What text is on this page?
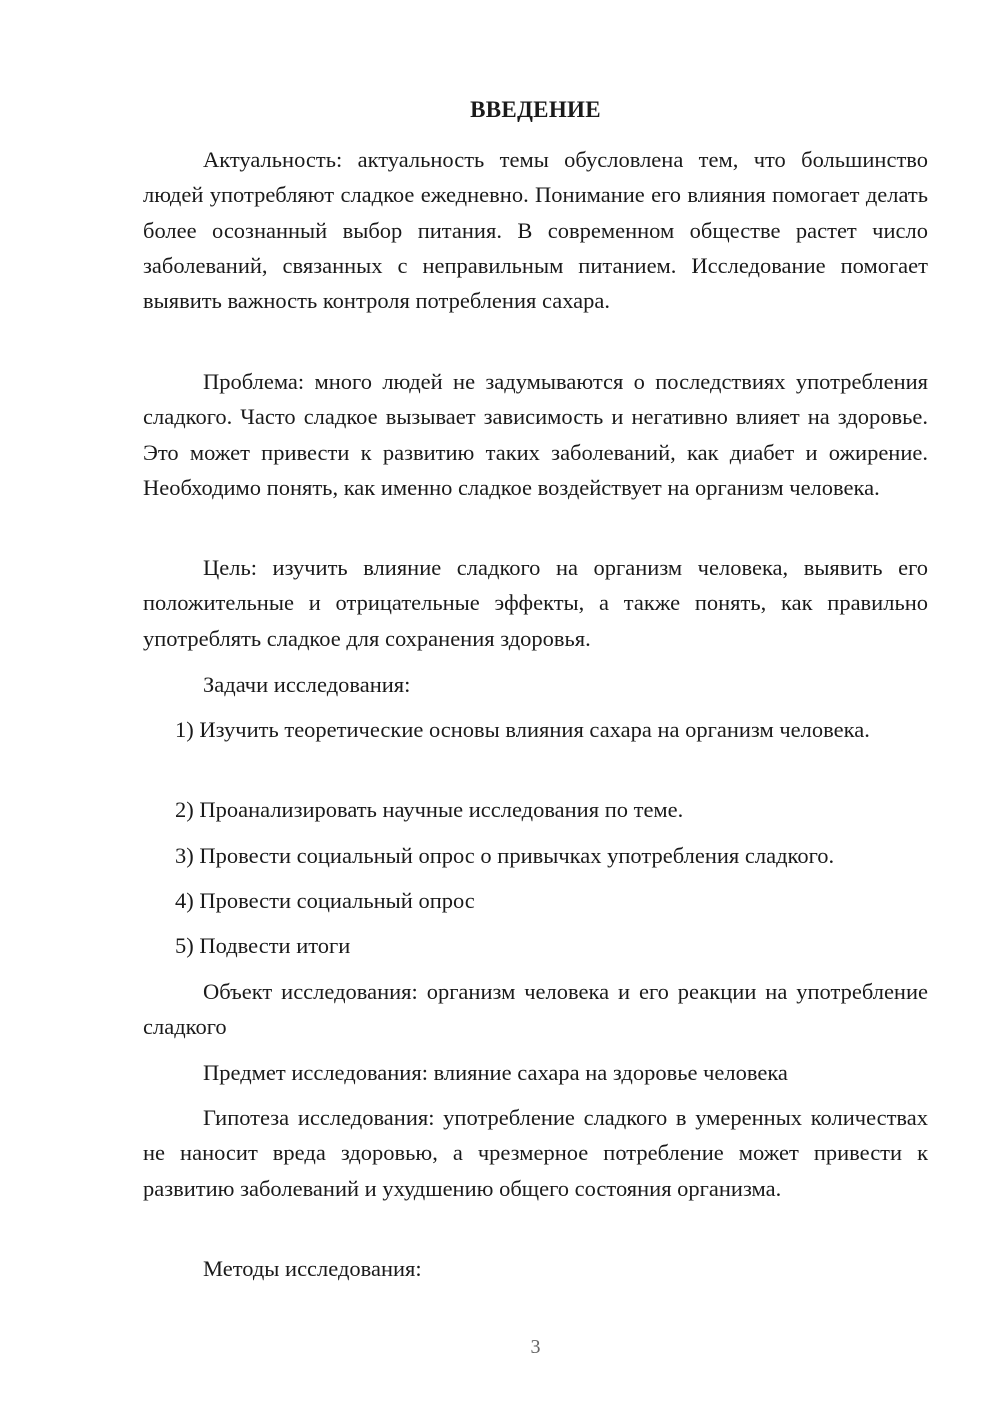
ВВЕДЕНИЕ

Актуальность: актуальность темы обусловлена тем, что большинство людей употребляют сладкое ежедневно. Понимание его влияния помогает делать более осознанный выбор питания. В современном обществе растет число заболеваний, связанных с неправильным питанием. Исследование помогает выявить важность контроля потребления сахара.

Проблема: много людей не задумываются о последствиях употребления сладкого. Часто сладкое вызывает зависимость и негативно влияет на здоровье. Это может привести к развитию таких заболеваний, как диабет и ожирение. Необходимо понять, как именно сладкое воздействует на организм человека.

Цель: изучить влияние сладкого на организм человека, выявить его положительные и отрицательные эффекты, а также понять, как правильно употреблять сладкое для сохранения здоровья.

Задачи исследования:

1) Изучить теоретические основы влияния сахара на организм человека.

2) Проанализировать научные исследования по теме.

3) Провести социальный опрос о привычках употребления сладкого.

4) Провести социальный опрос

5) Подвести итоги

Объект исследования: организм человека и его реакции на употребление сладкого

Предмет исследования: влияние сахара на здоровье человека

Гипотеза исследования: употребление сладкого в умеренных количествах не наносит вреда здоровью, а чрезмерное потребление может привести к развитию заболеваний и ухудшению общего состояния организма.

Методы исследования:

3
